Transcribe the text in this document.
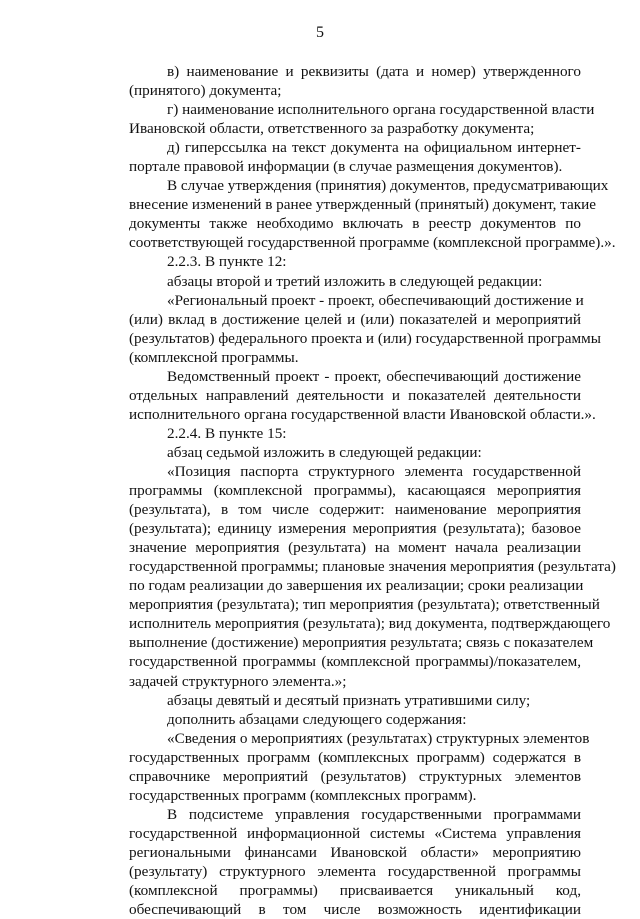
5
в) наименование и реквизиты (дата и номер) утвержденного
(принятого) документа;
г) наименование исполнительного органа государственной власти
Ивановской области, ответственного за разработку документа;
д) гиперссылка на текст документа на официальном интернет-
портале правовой информации (в случае размещения документов).
В случае утверждения (принятия) документов, предусматривающих
внесение изменений в ранее утвержденный (принятый) документ, такие
документы также необходимо включать в реестр документов по
соответствующей государственной программе (комплексной программе).».
2.2.3. В пункте 12:
абзацы второй и третий изложить в следующей редакции:
«Региональный проект - проект, обеспечивающий достижение и
(или) вклад в достижение целей и (или) показателей и мероприятий
(результатов) федерального проекта и (или) государственной программы
(комплексной программы.
Ведомственный проект - проект, обеспечивающий достижение
отдельных направлений деятельности и показателей деятельности
исполнительного органа государственной власти Ивановской области.».
2.2.4. В пункте 15:
абзац седьмой изложить в следующей редакции:
«Позиция паспорта структурного элемента государственной
программы (комплексной программы), касающаяся мероприятия
(результата), в том числе содержит: наименование мероприятия
(результата); единицу измерения мероприятия (результата); базовое
значение мероприятия (результата) на момент начала реализации
государственной программы; плановые значения мероприятия (результата)
по годам реализации до завершения их реализации; сроки реализации
мероприятия (результата); тип мероприятия (результата); ответственный
исполнитель мероприятия (результата); вид документа, подтверждающего
выполнение (достижение) мероприятия результата; связь с показателем
государственной программы (комплексной программы)/показателем,
задачей структурного элемента.»;
абзацы девятый и десятый признать утратившими силу;
дополнить абзацами следующего содержания:
«Сведения о мероприятиях (результатах) структурных элементов
государственных программ (комплексных программ) содержатся в
справочнике мероприятий (результатов) структурных элементов
государственных программ (комплексных программ).
В подсистеме управления государственными программами
государственной информационной системы «Система управления
региональными финансами Ивановской области» мероприятию
(результату) структурного элемента государственной программы
(комплексной программы) присваивается уникальный код,
обеспечивающий в том числе возможность идентификации
